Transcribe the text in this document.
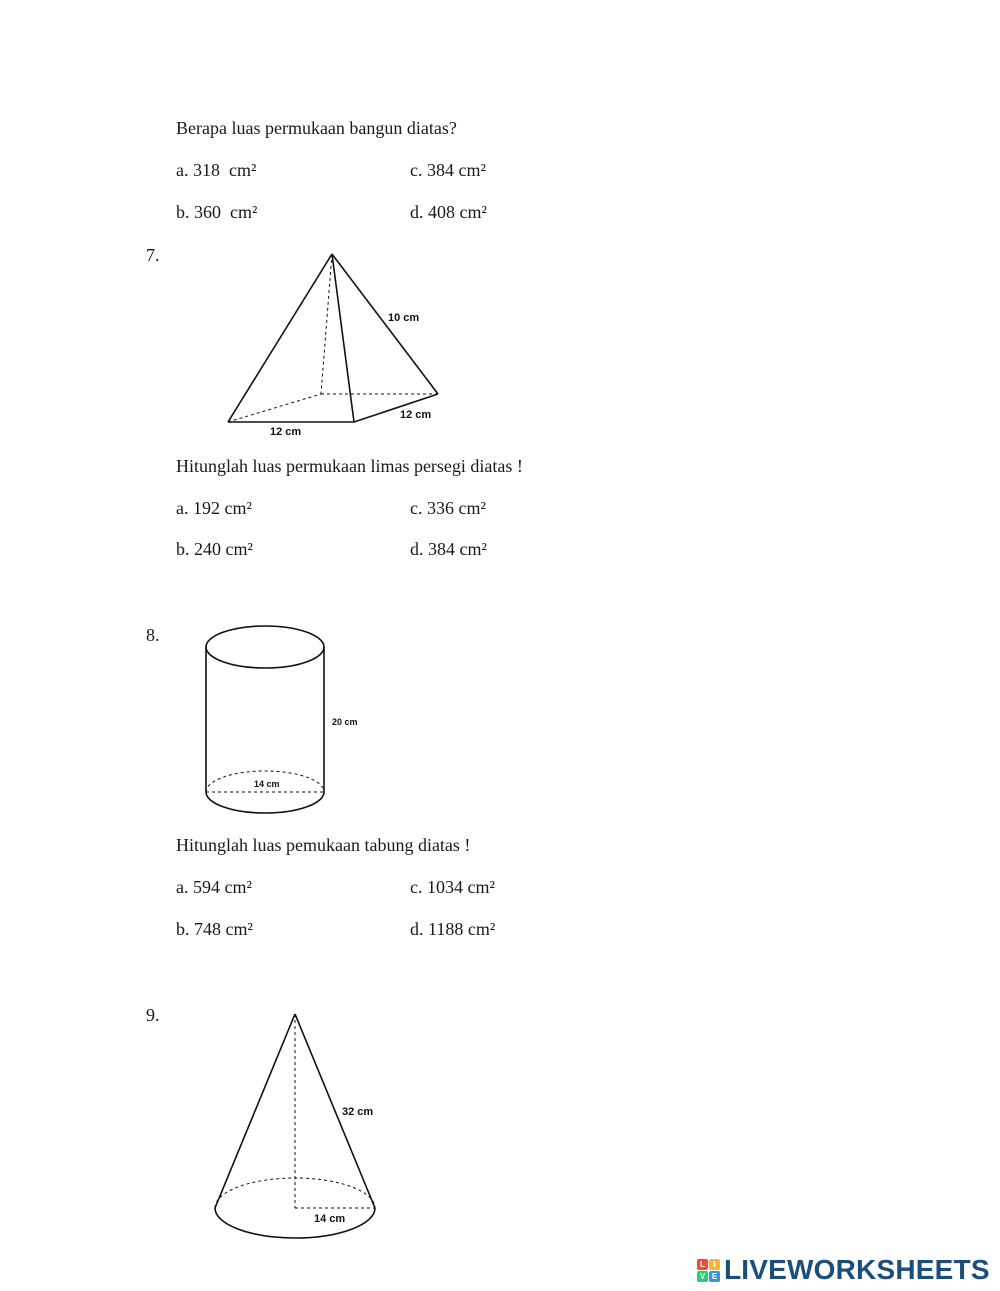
Berapa luas permukaan bangun diatas?
a. 318  cm²	c. 384 cm²
b. 360  cm²	d. 408 cm²
7.
10 cm
12 cm
12 cm
Hitunglah luas permukaan limas persegi diatas !
a. 192 cm²	c. 336 cm²
b. 240 cm²	d. 384 cm²
8.
20 cm
14 cm
Hitunglah luas pemukaan tabung diatas !
a. 594 cm²	c. 1034 cm²
b. 748 cm²	d. 1188 cm²
9.
32 cm
14 cm
L	I
V E LIVEWORKSHEETS
